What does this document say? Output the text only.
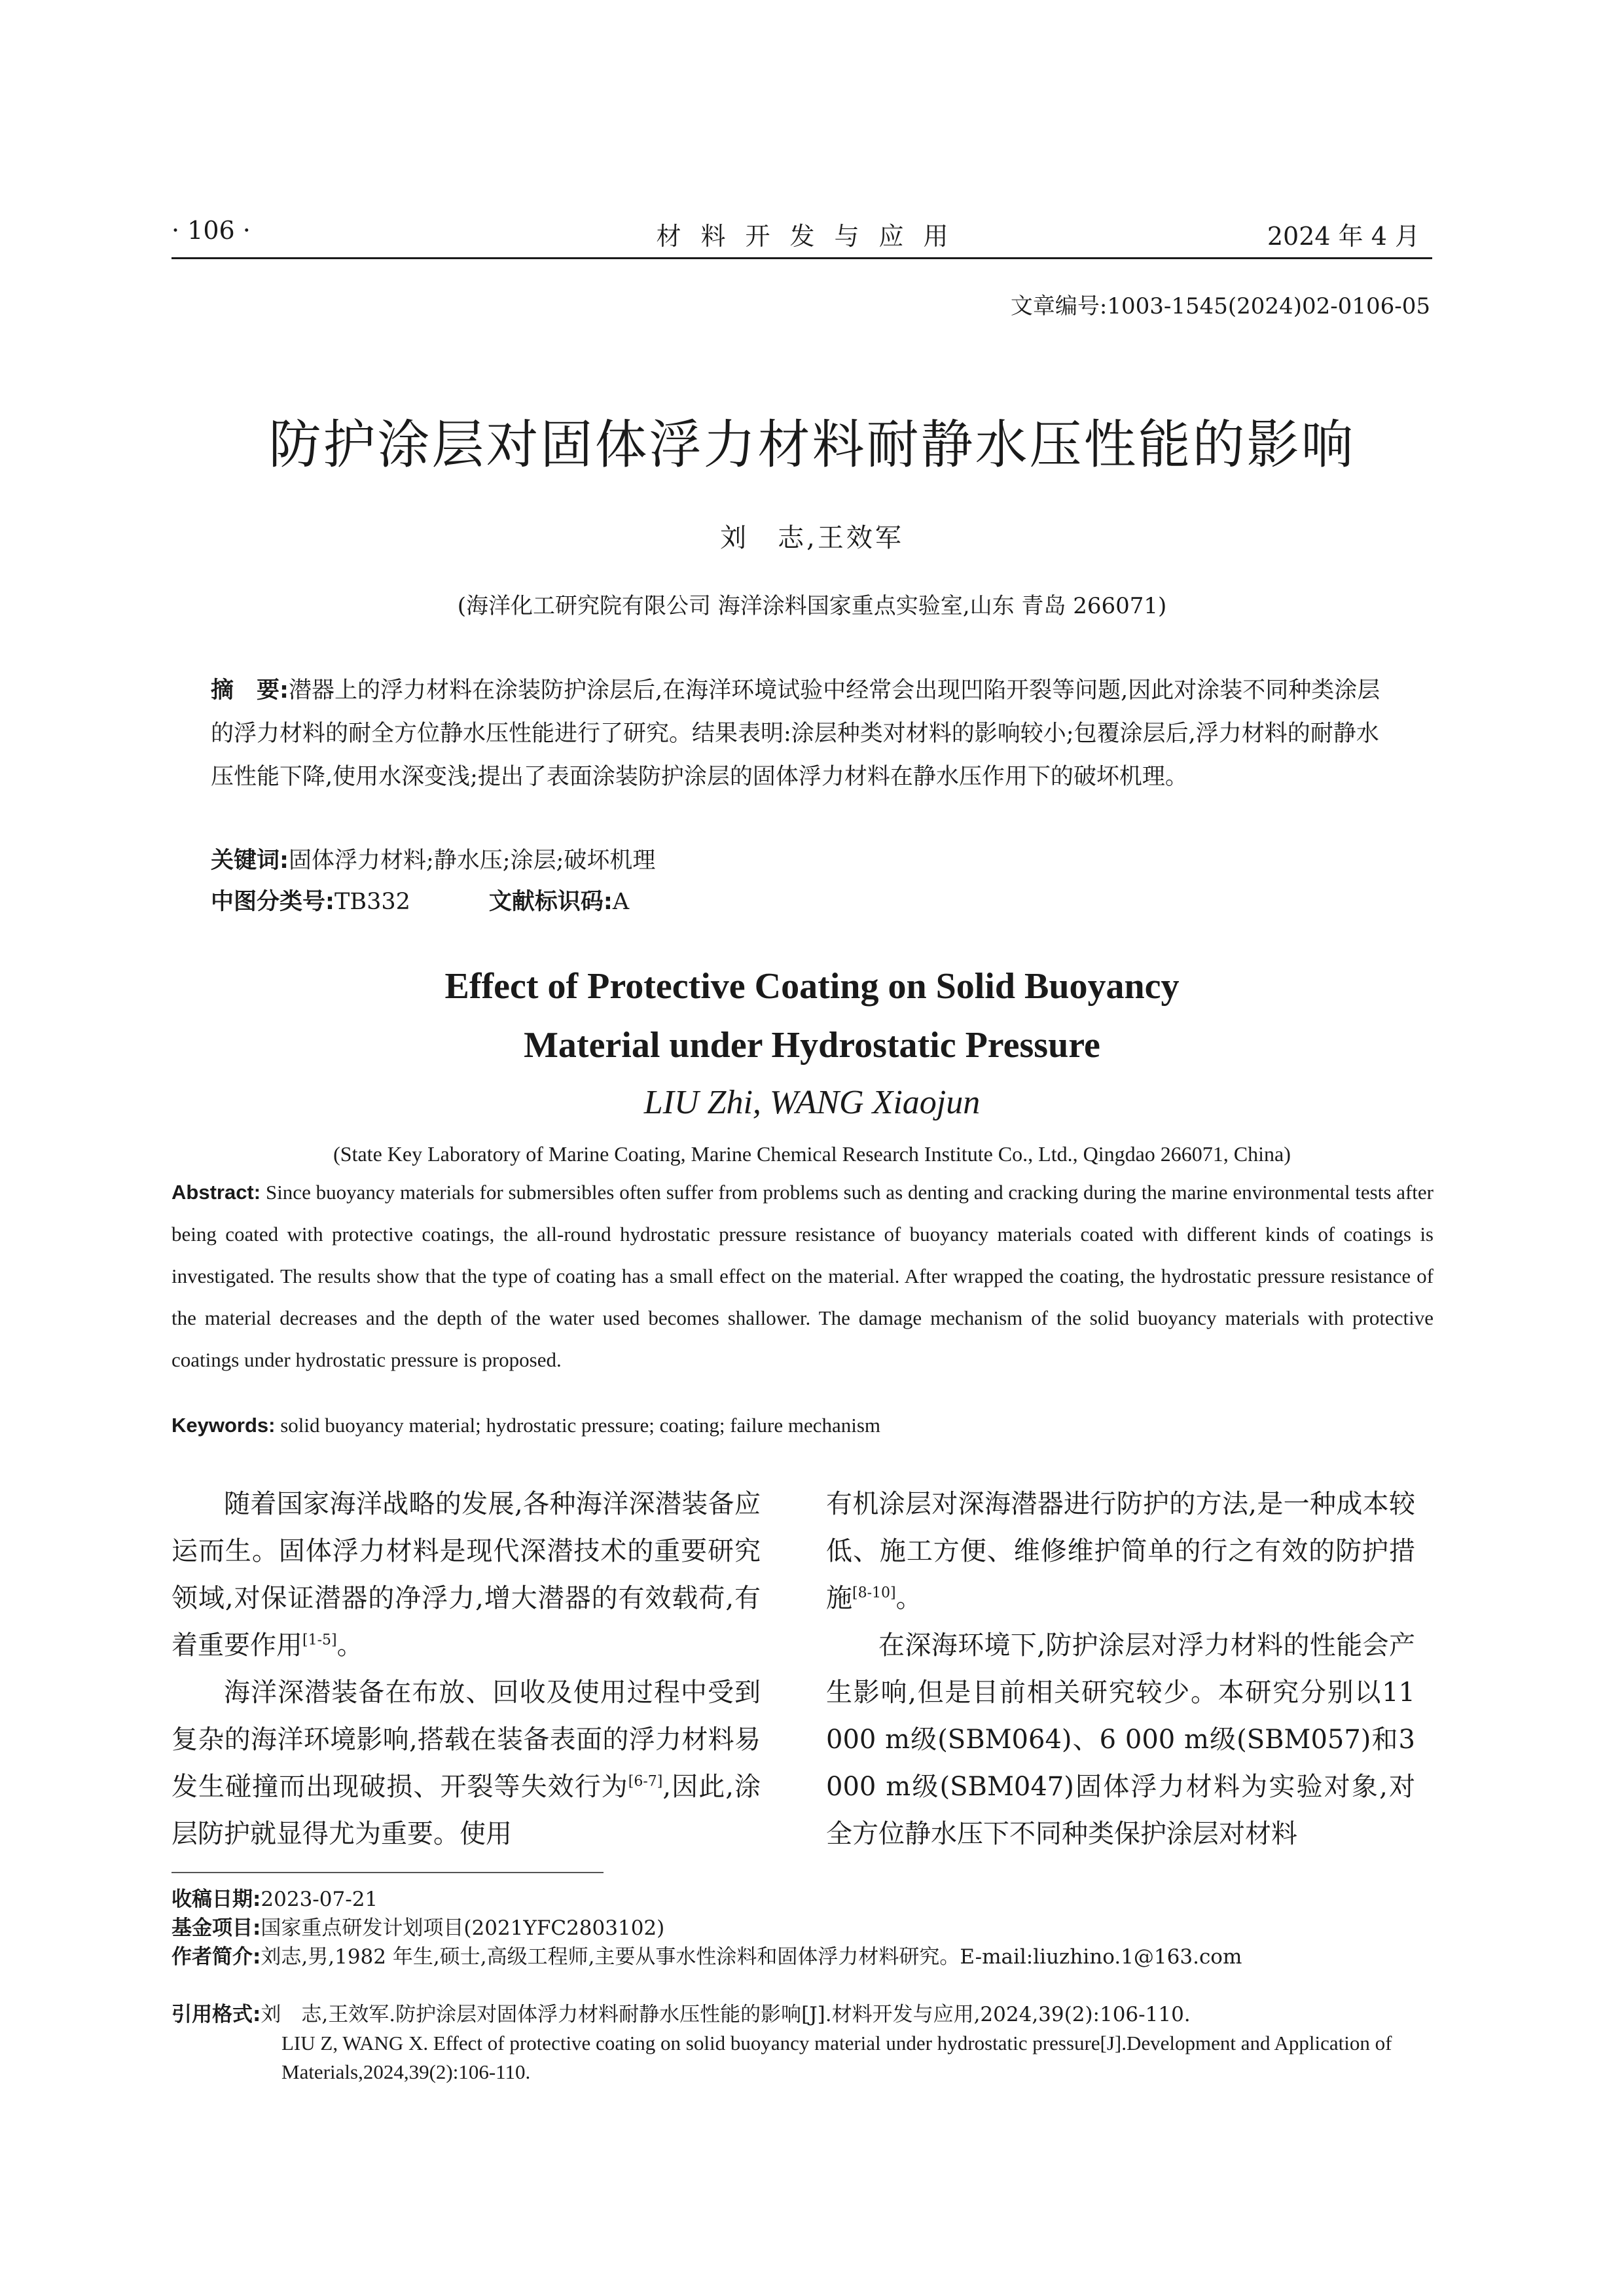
· 106 ·	材料开发与应用	2024 年 4 月
文章编号:1003-1545(2024)02-0106-05
防护涂层对固体浮力材料耐静水压性能的影响
刘　志,王效军
(海洋化工研究院有限公司 海洋涂料国家重点实验室,山东 青岛 266071)
摘　要:潜器上的浮力材料在涂装防护涂层后,在海洋环境试验中经常会出现凹陷开裂等问题,因此对涂装不同种类涂层的浮力材料的耐全方位静水压性能进行了研究。结果表明:涂层种类对材料的影响较小;包覆涂层后,浮力材料的耐静水压性能下降,使用水深变浅;提出了表面涂装防护涂层的固体浮力材料在静水压作用下的破坏机理。
关键词:固体浮力材料;静水压;涂层;破坏机理
中图分类号:TB332	文献标识码:A
Effect of Protective Coating on Solid Buoyancy
Material under Hydrostatic Pressure
LIU Zhi, WANG Xiaojun
(State Key Laboratory of Marine Coating, Marine Chemical Research Institute Co., Ltd., Qingdao 266071, China)
Abstract: Since buoyancy materials for submersibles often suffer from problems such as denting and cracking during the marine environmental tests after being coated with protective coatings, the all-round hydrostatic pressure resistance of buoyancy materials coated with different kinds of coatings is investigated. The results show that the type of coating has a small effect on the material. After wrapped the coating, the hydrostatic pressure resistance of the material decreases and the depth of the water used becomes shallower. The damage mechanism of the solid buoyancy materials with protective coatings under hydrostatic pressure is proposed.
Keywords: solid buoyancy material; hydrostatic pressure; coating; failure mechanism

随着国家海洋战略的发展,各种海洋深潜装备应运而生。固体浮力材料是现代深潜技术的重要研究领域,对保证潜器的净浮力,增大潜器的有效载荷,有着重要作用[1-5]。

海洋深潜装备在布放、回收及使用过程中受到复杂的海洋环境影响,搭载在装备表面的浮力材料易发生碰撞而出现破损、开裂等失效行为[6-7],因此,涂层防护就显得尤为重要。使用

有机涂层对深海潜器进行防护的方法,是一种成本较低、施工方便、维修维护简单的行之有效的防护措施[8-10]。

在深海环境下,防护涂层对浮力材料的性能会产生影响,但是目前相关研究较少。本研究分别以11 000 m级(SBM064)、6 000 m级(SBM057)和3 000 m级(SBM047)固体浮力材料为实验对象,对全方位静水压下不同种类保护涂层对材料

收稿日期:2023-07-21
基金项目:国家重点研发计划项目(2021YFC2803102)
作者简介:刘志,男,1982 年生,硕士,高级工程师,主要从事水性涂料和固体浮力材料研究。E-mail:liuzhino.1@163.com
引用格式:刘　志,王效军.防护涂层对固体浮力材料耐静水压性能的影响[J].材料开发与应用,2024,39(2):106-110.
LIU Z, WANG X. Effect of protective coating on solid buoyancy material under hydrostatic pressure[J].Development and Application of Materials,2024,39(2):106-110.
